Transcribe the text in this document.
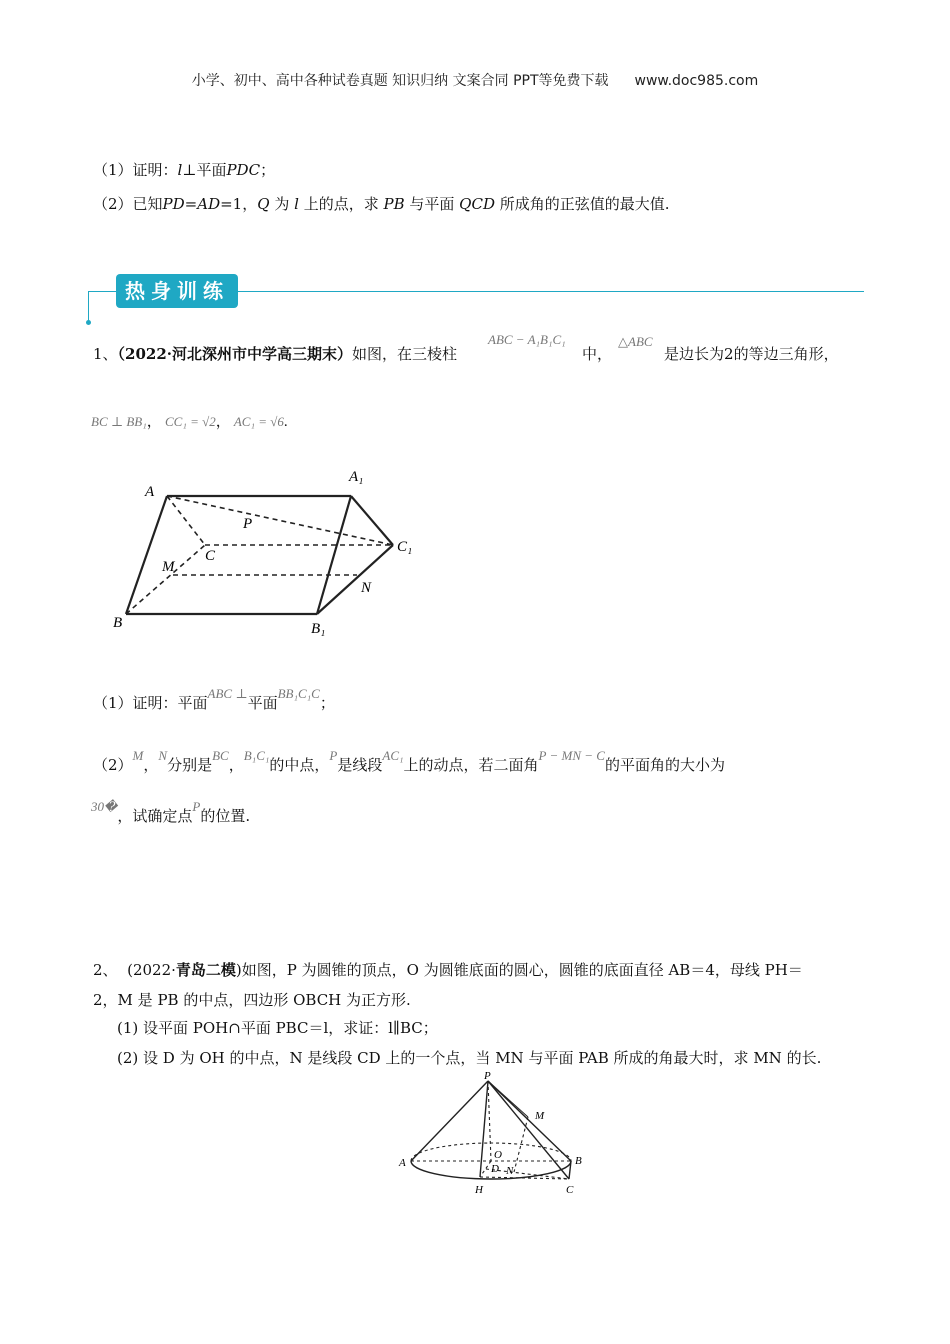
小学、初中、高中各种试卷真题 知识归纳 文案合同 PPT等免费下载 www.doc985.com
（1）证明：l⊥平面PDC；
（2）已知PD=AD=1，Q 为 l 上的点，求 PB 与平面 QCD 所成角的正弦值的最大值.
热身训练
1、（2022·河北深州市中学高三期末）如图，在三棱柱
ABC − A₁B₁C₁
中，
△ABC
是边长为2的等边三角形，
BC ⊥ BB₁， CC₁ = √2， AC₁ = √6.
A
A₁
P
C
C₁
M
N
B	B₁
（1）证明：平面ABC ⊥平面BB₁C₁C；
（2）M，N分别是BC，B₁C₁的中点，P是线段AC₁上的动点，若二面角P − MN − C的平面角的大小为
30�，试确定点P的位置.
2、 (2022·青岛二模)如图，P 为圆锥的顶点，O 为圆锥底面的圆心，圆锥的底面直径 AB＝4，母线 PH＝
2，M 是 PB 的中点，四边形 OBCH 为正方形.
(1) 设平面 POH∩平面 PBC＝l，求证：l∥BC；
(2) 设 D 为 OH 的中点，N 是线段 CD 上的一个点，当 MN 与平面 PAB 所成的角最大时，求 MN 的长.
P
M
A	B
O
D N
H	C
